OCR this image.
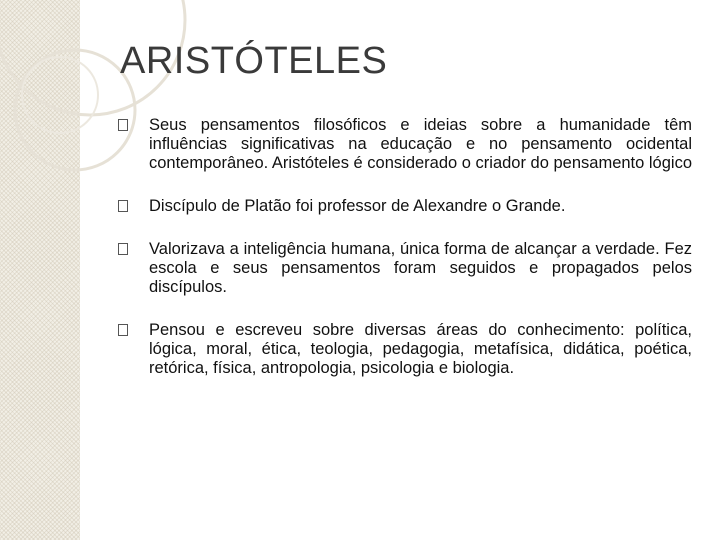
ARISTÓTELES
Seus pensamentos filosóficos e ideias sobre a humanidade têm influências significativas na educação e no pensamento ocidental contemporâneo. Aristóteles é considerado o criador do pensamento lógico
Discípulo de Platão foi professor de Alexandre o Grande.
Valorizava a inteligência humana, única forma de alcançar a verdade. Fez escola e seus pensamentos foram seguidos e propagados pelos discípulos.
Pensou e escreveu sobre diversas áreas do conhecimento: política, lógica, moral, ética, teologia, pedagogia, metafísica, didática, poética, retórica, física, antropologia, psicologia e biologia.
